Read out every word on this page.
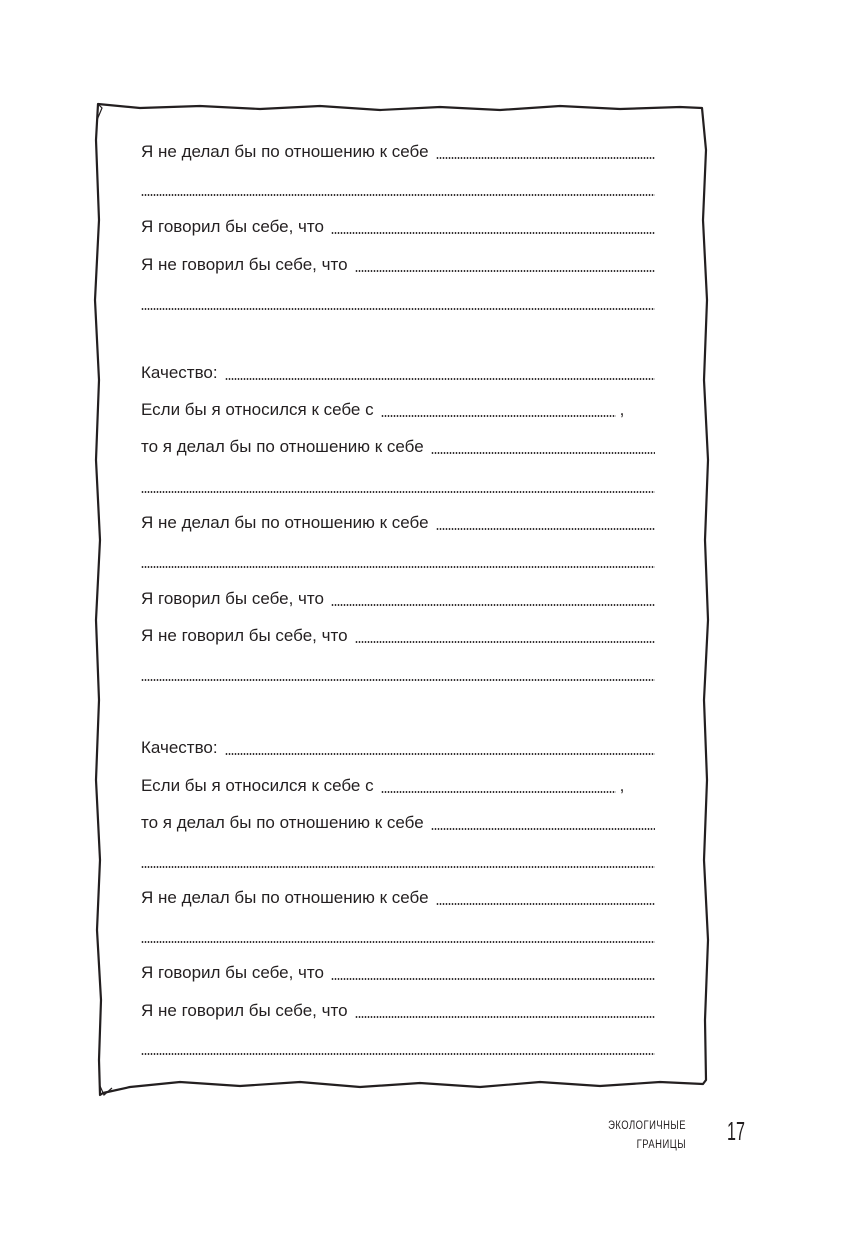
Я не делал бы по отношению к себе
Я говорил бы себе, что
Я не говорил бы себе, что
Качество:
Если бы я относился к себе с	,
то я делал бы по отношению к себе
Я не делал бы по отношению к себе
Я говорил бы себе, что
Я не говорил бы себе, что
Качество:
Если бы я относился к себе с	,
то я делал бы по отношению к себе
Я не делал бы по отношению к себе
Я говорил бы себе, что
Я не говорил бы себе, что
ЭКОЛОГИЧНЫЕ
ГРАНИЦЫ 17
